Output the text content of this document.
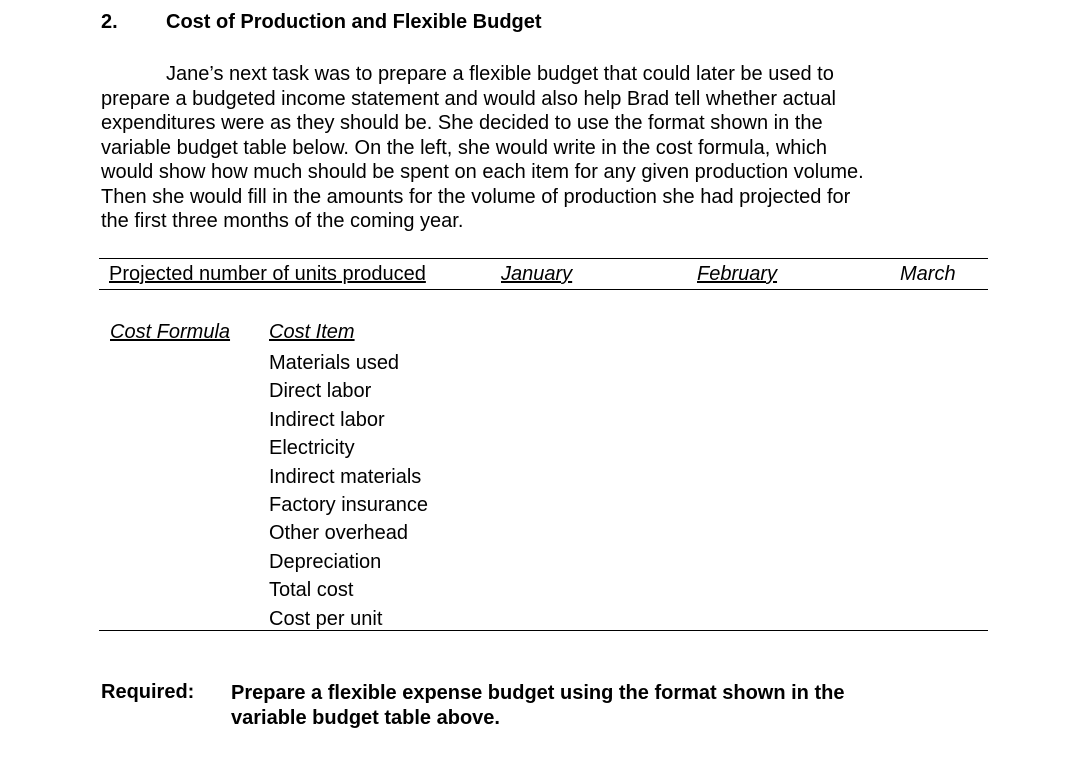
2. Cost of Production and Flexible Budget
Jane’s next task was to prepare a flexible budget that could later be used to
prepare a budgeted income statement and would also help Brad tell whether actual
expenditures were as they should be. She decided to use the format shown in the
variable budget table below. On the left, she would write in the cost formula, which
would show how much should be spent on each item for any given production volume.
Then she would fill in the amounts for the volume of production she had projected for
the first three months of the coming year.
Projected number of units produced	January	February	March
Cost Formula Cost Item
Materials used
Direct labor
Indirect labor
Electricity
Indirect materials
Factory insurance
Other overhead
Depreciation
Total cost
Cost per unit
Required: Prepare a flexible expense budget using the format shown in the
variable budget table above.
